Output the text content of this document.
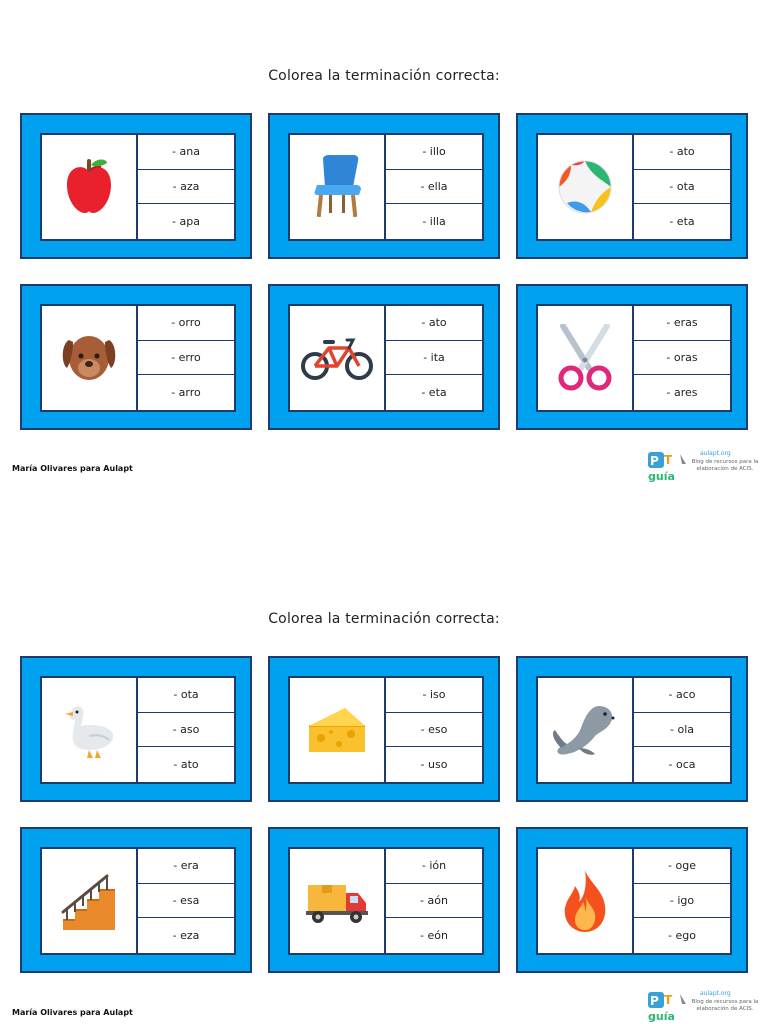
Colorea la terminación correcta:
- ana
- aza
- apa
- illo
- ella
- illa
- ato
- ota
- eta
- orro
- erro
- arro
- ato
- ita
- eta
- eras
- oras
- ares
María Olivares para Aulapt
P T
guía
aulapt.org
Blog de recursos para la elaboración de ACIS.
Colorea la terminación correcta:
- ota
- aso
- ato
- iso
- eso
- uso
- aco
- ola
- oca
- era
- esa
- eza
- ión
- aón
- eón
- oge
- igo
- ego
María Olivares para Aulapt
P T
guía
aulapt.org
Blog de recursos para la elaboración de ACIS.
